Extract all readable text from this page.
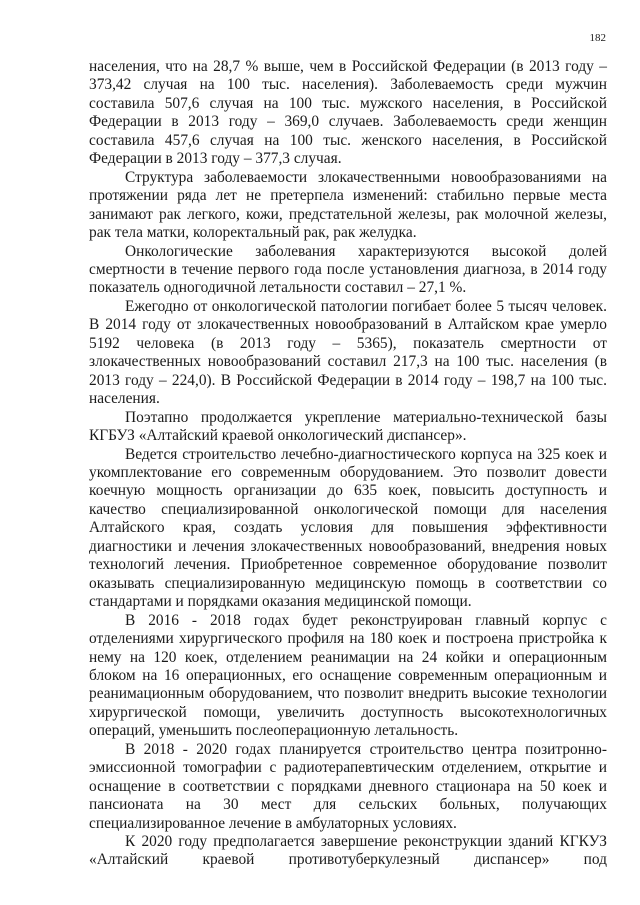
182

населения, что на 28,7 % выше, чем в Российской Федерации (в 2013 году – 373,42 случая на 100 тыс. населения). Заболеваемость среди мужчин составила 507,6 случая на 100 тыс. мужского населения, в Российской Федерации в 2013 году – 369,0 случаев. Заболеваемость среди женщин составила 457,6 случая на 100 тыс. женского населения, в Российской Федерации в 2013 году – 377,3 случая.

Структура заболеваемости злокачественными новообразованиями на протяжении ряда лет не претерпела изменений: стабильно первые места занимают рак легкого, кожи, предстательной железы, рак молочной железы, рак тела матки, колоректальный рак, рак желудка.

Онкологические заболевания характеризуются высокой долей смертности в течение первого года после установления диагноза, в 2014 году показатель одногодичной летальности составил – 27,1 %.

Ежегодно от онкологической патологии погибает более 5 тысяч человек. В 2014 году от злокачественных новообразований в Алтайском крае умерло 5192 человека (в 2013 году – 5365), показатель смертности от злокачественных новообразований составил 217,3 на 100 тыс. населения (в 2013 году – 224,0). В Российской Федерации в 2014 году – 198,7 на 100 тыс. населения.

Поэтапно продолжается укрепление материально-технической базы КГБУЗ «Алтайский краевой онкологический диспансер».

Ведется строительство лечебно-диагностического корпуса на 325 коек и укомплектование его современным оборудованием. Это позволит довести коечную мощность организации до 635 коек, повысить доступность и качество специализированной онкологической помощи для населения Алтайского края, создать условия для повышения эффективности диагностики и лечения злокачественных новообразований, внедрения новых технологий лечения. Приобретенное современное оборудование позволит оказывать специализированную медицинскую помощь в соответствии со стандартами и порядками оказания медицинской помощи.

В 2016 - 2018 годах будет реконструирован главный корпус с отделениями хирургического профиля на 180 коек и построена пристройка к нему на 120 коек, отделением реанимации на 24 койки и операционным блоком на 16 операционных, его оснащение современным операционным и реанимационным оборудованием, что позволит внедрить высокие технологии хирургической помощи, увеличить доступность высокотехнологичных операций, уменьшить послеоперационную летальность.

В 2018 - 2020 годах планируется строительство центра позитронно-эмиссионной томографии с радиотерапевтическим отделением, открытие и оснащение в соответствии с порядками дневного стационара на 50 коек и пансионата на 30 мест для сельских больных, получающих специализированное лечение в амбулаторных условиях.

К 2020 году предполагается завершение реконструкции зданий КГКУЗ «Алтайский краевой противотуберкулезный диспансер» под
